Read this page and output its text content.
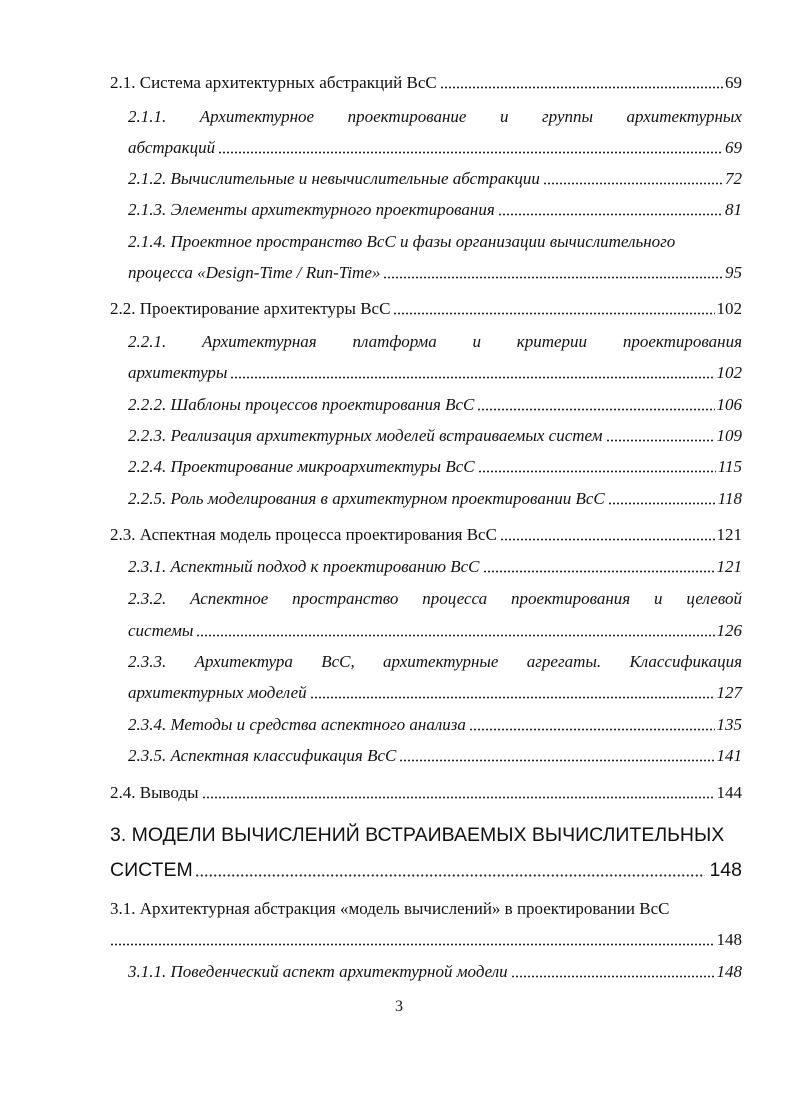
2.1. Система архитектурных абстракций ВсС	69
2.1.1. Архитектурное проектирование и группы архитектурных
абстракций	69
2.1.2. Вычислительные и невычислительные абстракции	72
2.1.3. Элементы архитектурного проектирования	81
2.1.4. Проектное пространство ВсС и фазы организации вычислительного
процесса «Design-Time / Run-Time»	95
2.2. Проектирование архитектуры ВсС	102
2.2.1. Архитектурная платформа и критерии проектирования
архитектуры	102
2.2.2. Шаблоны процессов проектирования ВсС	106
2.2.3. Реализация архитектурных моделей встраиваемых систем	109
2.2.4. Проектирование микроархитектуры ВсС	115
2.2.5. Роль моделирования в архитектурном проектировании ВсС	118
2.3. Аспектная модель процесса проектирования ВсС	121
2.3.1. Аспектный подход к проектированию ВсС	121
2.3.2. Аспектное пространство процесса проектирования и целевой
системы	126
2.3.3. Архитектура ВсС, архитектурные агрегаты. Классификация
архитектурных моделей	127
2.3.4. Методы и средства аспектного анализа	135
2.3.5. Аспектная классификация ВсС	141
2.4. Выводы	144
3. МОДЕЛИ ВЫЧИСЛЕНИЙ ВСТРАИВАЕМЫХ ВЫЧИСЛИТЕЛЬНЫХ
СИСТЕМ	148
3.1. Архитектурная абстракция «модель вычислений» в проектировании ВсС
148
3.1.1. Поведенческий аспект архитектурной модели	148
3
